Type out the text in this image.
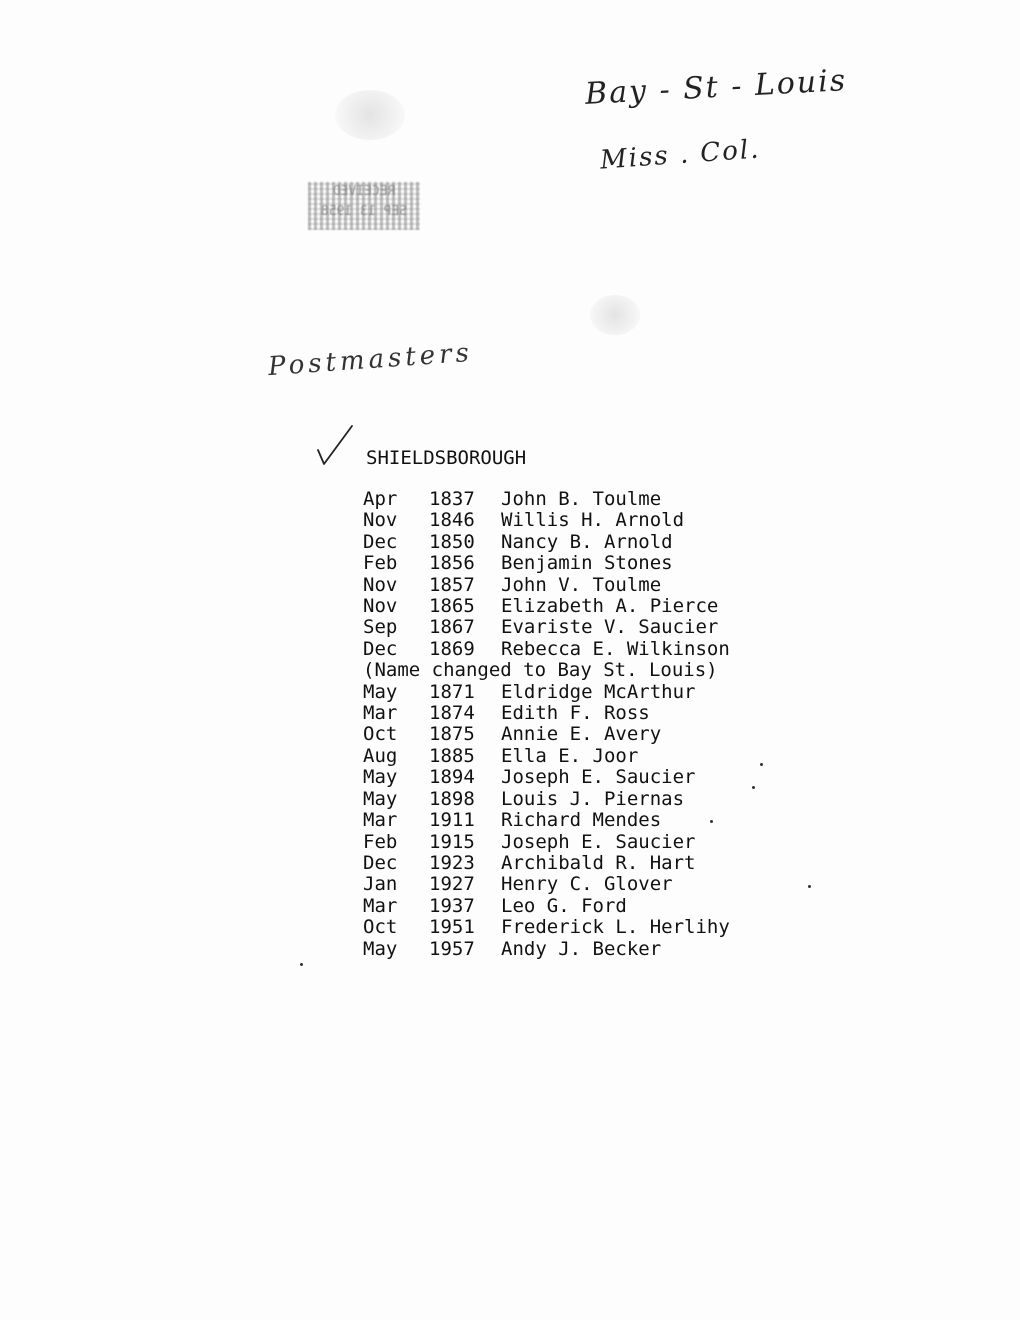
Bay - St - Louis
Miss . Col.
RECEIVED
SEP 13 1958
Postmasters
SHIELDSBOROUGH
Apr	1837	John B. Toulme
Nov	1846	Willis H. Arnold
Dec	1850	Nancy B. Arnold
Feb	1856	Benjamin Stones
Nov	1857	John V. Toulme
Nov	1865	Elizabeth A. Pierce
Sep	1867	Evariste V. Saucier
Dec	1869	Rebecca E. Wilkinson
(Name changed to Bay St. Louis)
May	1871	Eldridge McArthur
Mar	1874	Edith F. Ross
Oct	1875	Annie E. Avery
Aug	1885	Ella E. Joor
May	1894	Joseph E. Saucier
May	1898	Louis J. Piernas
Mar	1911	Richard Mendes
Feb	1915	Joseph E. Saucier
Dec	1923	Archibald R. Hart
Jan	1927	Henry C. Glover
Mar	1937	Leo G. Ford
Oct	1951	Frederick L. Herlihy
May	1957	Andy J. Becker
